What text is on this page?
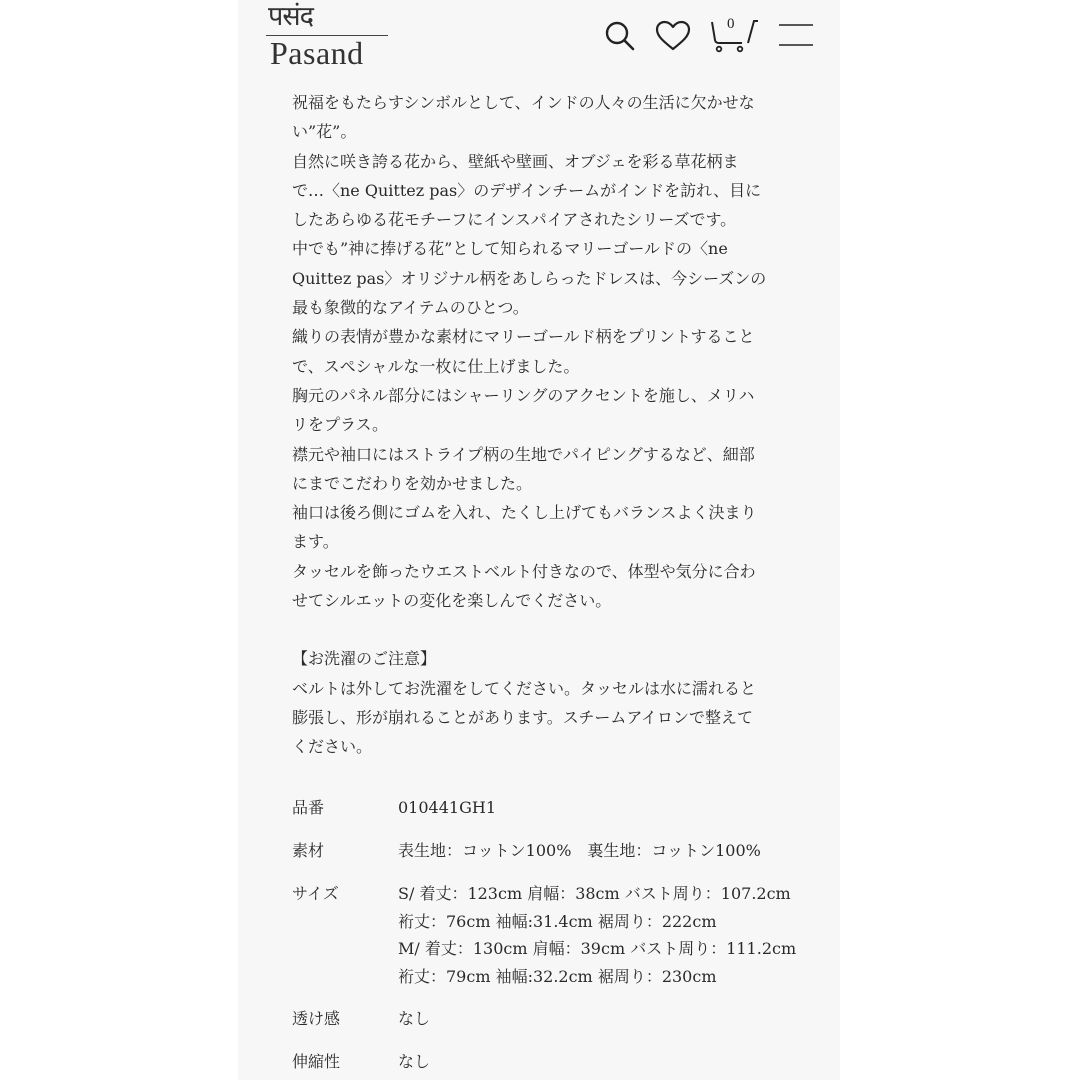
पसंद
Pasand
0
祝福をもたらすシンボルとして、インドの人々の生活に欠かせな
い”花”。
自然に咲き誇る花から、壁紙や壁画、オブジェを彩る草花柄ま
で…〈ne Quittez pas〉のデザインチームがインドを訪れ、目に
したあらゆる花モチーフにインスパイアされたシリーズです。
中でも”神に捧げる花”として知られるマリーゴールドの〈ne
Quittez pas〉オリジナル柄をあしらったドレスは、今シーズンの
最も象徴的なアイテムのひとつ。
織りの表情が豊かな素材にマリーゴールド柄をプリントすること
で、スペシャルな一枚に仕上げました。
胸元のパネル部分にはシャーリングのアクセントを施し、メリハ
リをプラス。
襟元や袖口にはストライプ柄の生地でパイピングするなど、細部
にまでこだわりを効かせました。
袖口は後ろ側にゴムを入れ、たくし上げてもバランスよく決まり
ます。
タッセルを飾ったウエストベルト付きなので、体型や気分に合わ
せてシルエットの変化を楽しんでください。
【お洗濯のご注意】
ベルトは外してお洗濯をしてください。タッセルは水に濡れると
膨張し、形が崩れることがあります。スチームアイロンで整えて
ください。
品番	010441GH1
素材	表生地：コットン100%　裏生地：コットン100%
サイズ	S/ 着丈：123cm 肩幅：38cm バスト周り：107.2cm
裄丈：76cm 袖幅:31.4cm 裾周り：222cm
M/ 着丈：130cm 肩幅：39cm バスト周り：111.2cm
裄丈：79cm 袖幅:32.2cm 裾周り：230cm
透け感	なし
伸縮性	なし
